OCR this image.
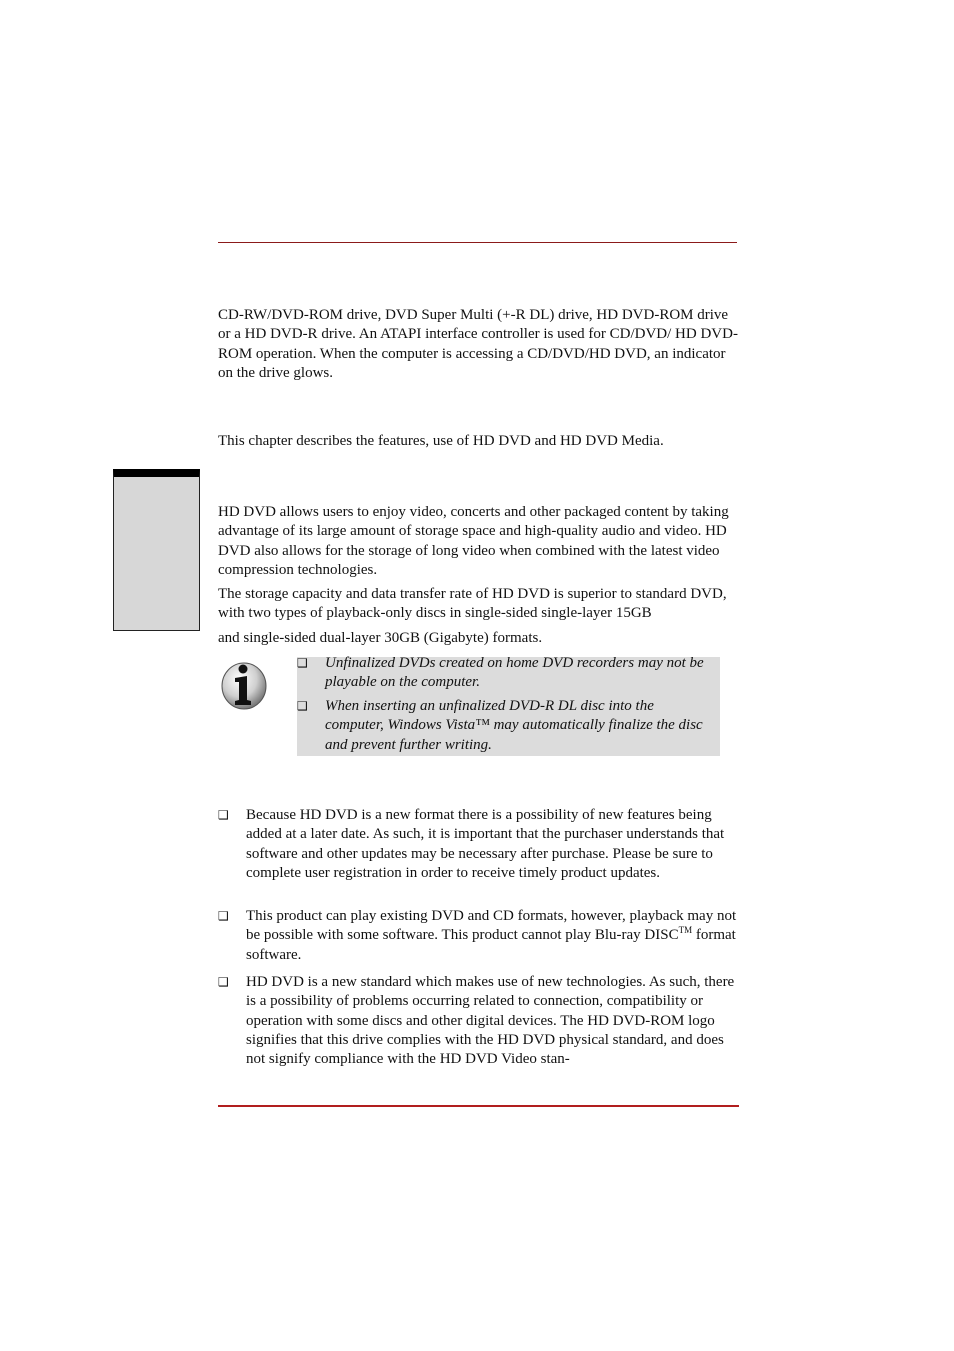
CD-RW/DVD-ROM drive, DVD Super Multi (+-R DL) drive, HD DVD-ROM drive or a HD DVD-R drive. An ATAPI interface controller is used for CD/DVD/ HD DVD-ROM operation. When the computer is accessing a CD/DVD/HD DVD, an indicator on the drive glows.

This chapter describes the features, use of HD DVD and HD DVD Media.

HD DVD allows users to enjoy video, concerts and other packaged content by taking advantage of its large amount of storage space and high-quality audio and video. HD DVD also allows for the storage of long video when combined with the latest video compression technologies.

The storage capacity and data transfer rate of HD DVD is superior to standard DVD, with two types of playback-only discs in single-sided single-layer 15GB
and single-sided dual-layer 30GB (Gigabyte) formats.

❑ Unfinalized DVDs created on home DVD recorders may not be playable on the computer.
❑ When inserting an unfinalized DVD-R DL disc into the computer, Windows Vista™ may automatically finalize the disc and prevent further writing.
❑ Because HD DVD is a new format there is a possibility of new features being added at a later date. As such, it is important that the purchaser understands that software and other updates may be necessary after purchase. Please be sure to complete user registration in order to receive timely product updates.
❑ This product can play existing DVD and CD formats, however, playback may not be possible with some software. This product cannot play Blu-ray DISC™ format software.
❑ HD DVD is a new standard which makes use of new technologies. As such, there is a possibility of problems occurring related to connection, compatibility or operation with some discs and other digital devices. The HD DVD-ROM logo signifies that this drive complies with the HD DVD physical standard, and does not signify compliance with the HD DVD Video stan-
